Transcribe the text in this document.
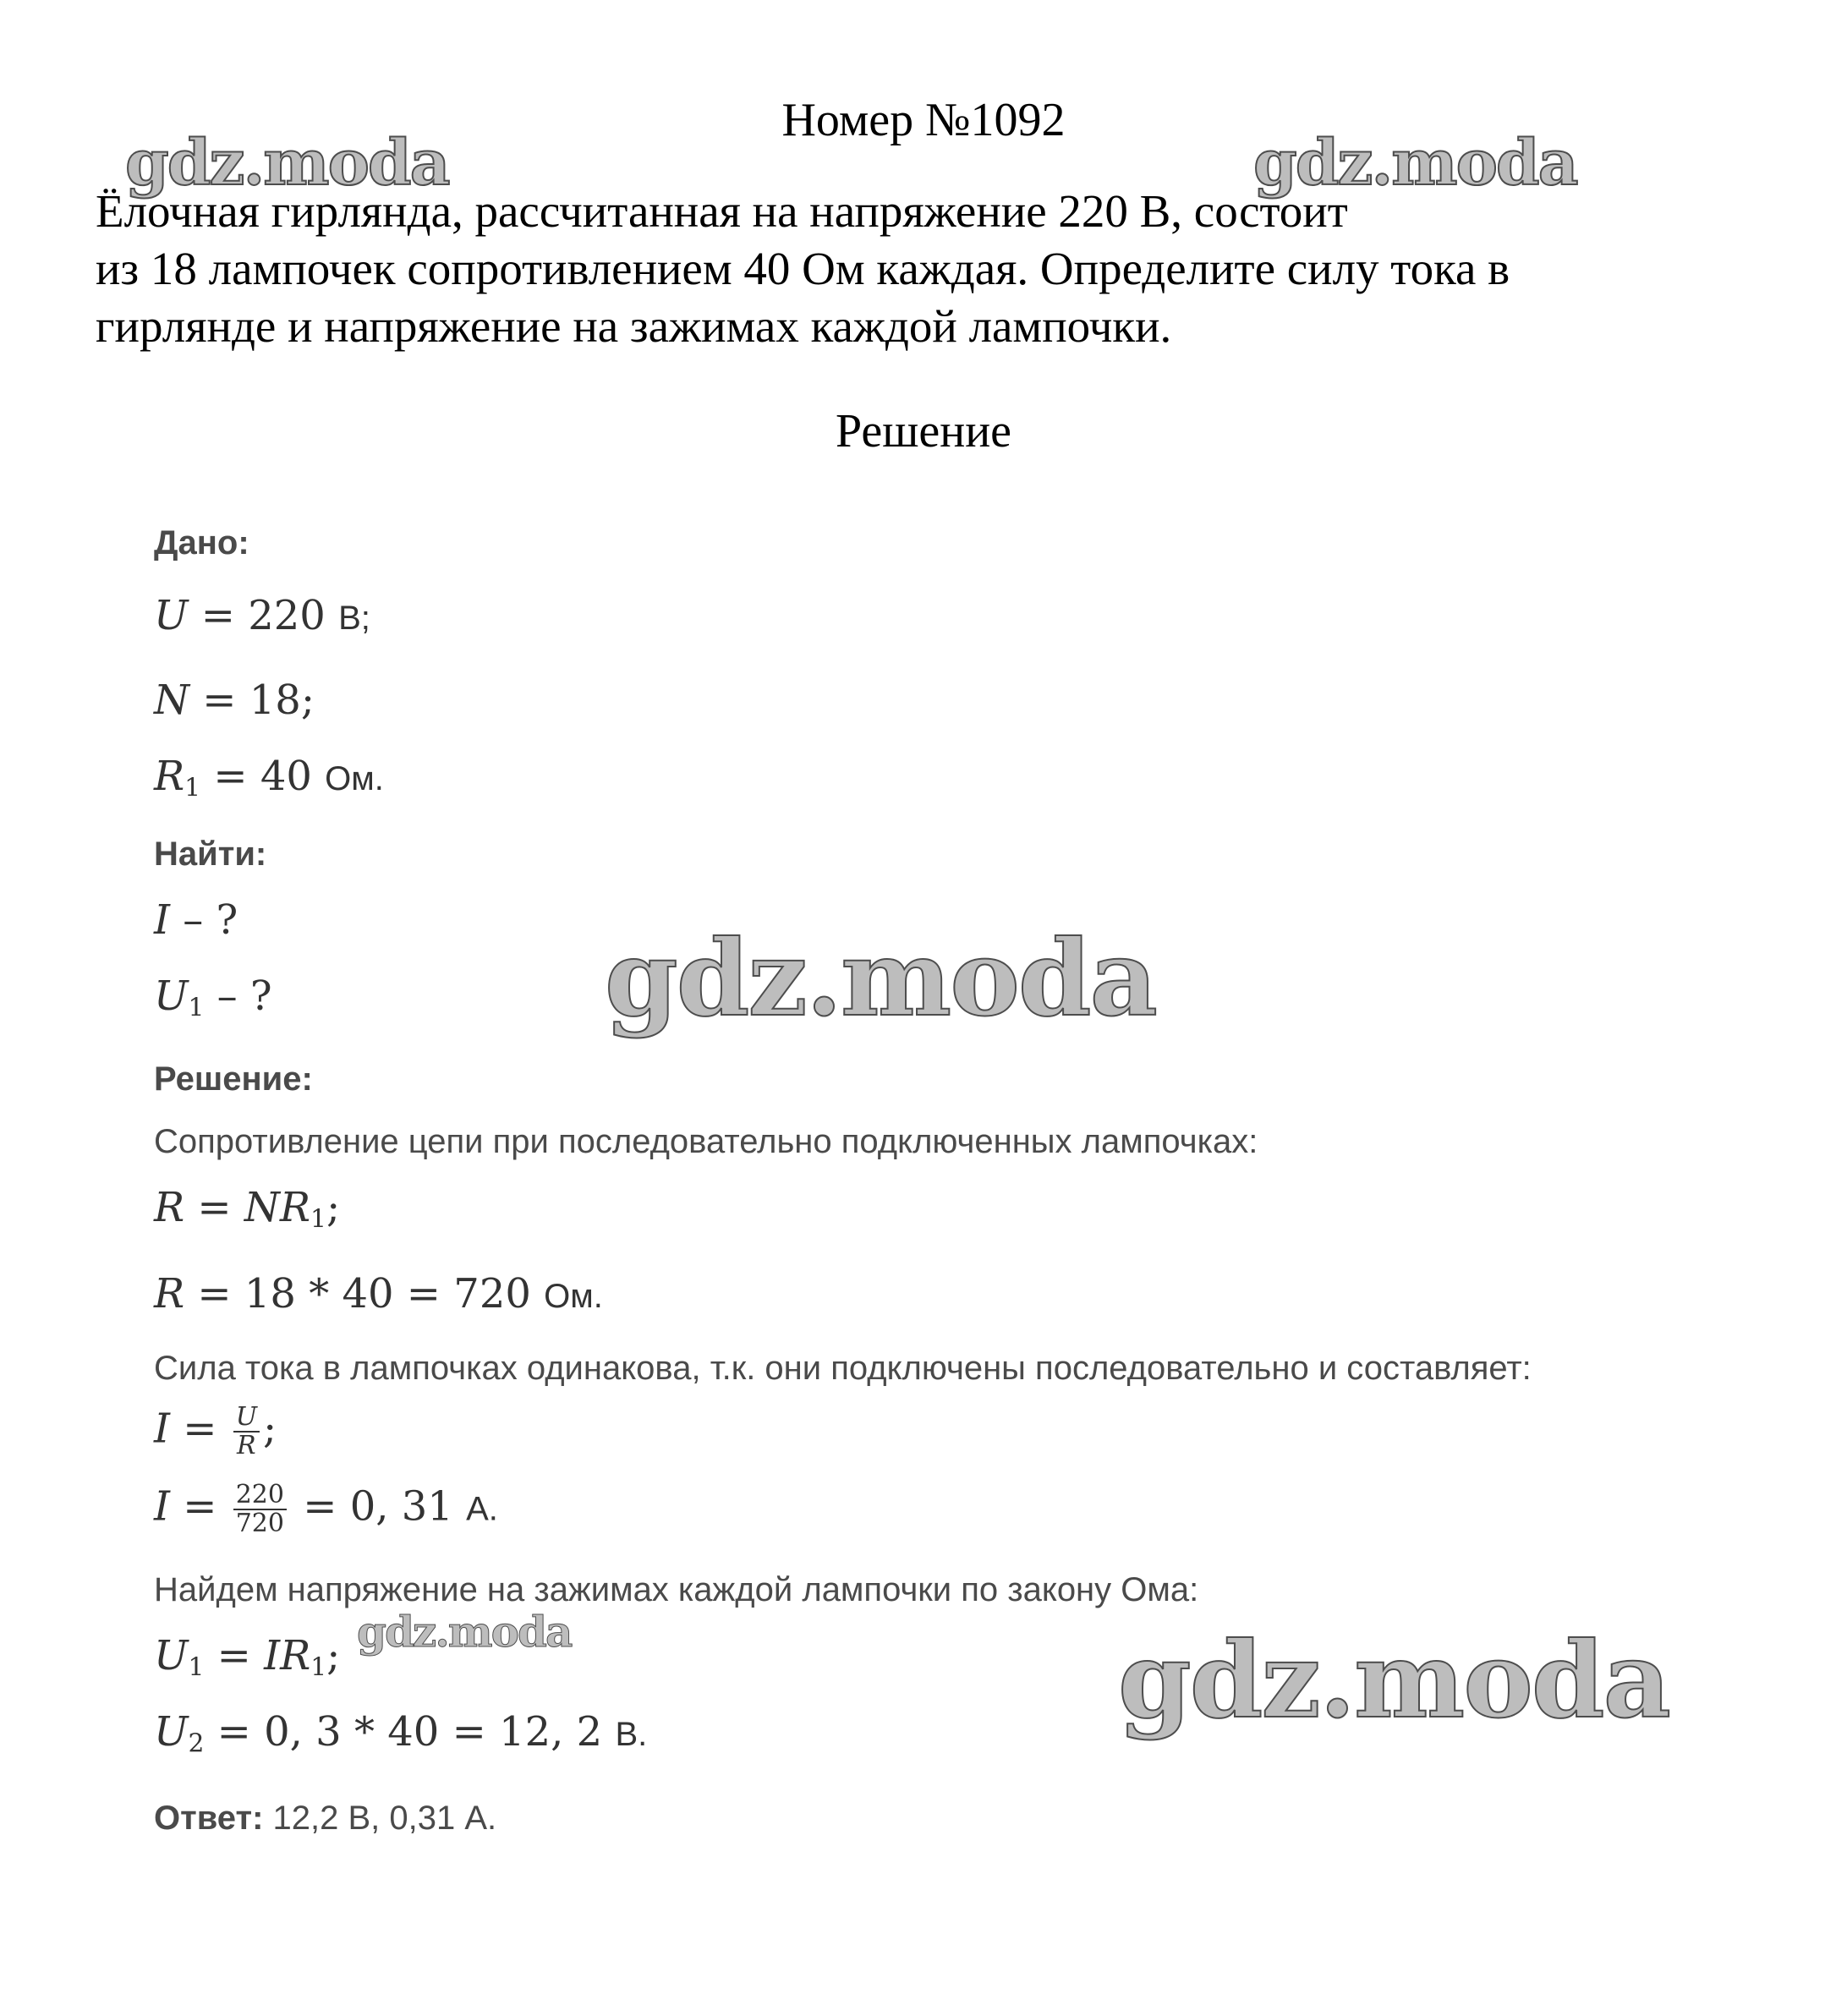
Номер №1092
Ёлочная гирлянда, рассчитанная на напряжение 220 В, состоит
из 18 лампочек сопротивлением 40 Ом каждая. Определите силу тока в
гирлянде и напряжение на зажимах каждой лампочки.
Решение
Дано:
U = 220 В;
N = 18;
$R_1 = 40$ Ом.
Найти:
I – ?
$U_1$ – ?
Решение:
Сопротивление цепи при последовательно подключенных лампочках:
$R = NR_1$;
R = 18 * 40 = 720 Ом.
Сила тока в лампочках одинакова, т.к. они подключены последовательно и составляет:
$I = \frac{U}{R}$ ;
$I = \frac{220}{720} = 0$, 31 А.
Найдем напряжение на зажимах каждой лампочки по закону Ома:
$U_1 = IR_1$;
$U_2 = 0$, 3 * 40 = 12, 2 В.
Ответ: 12,2 В, 0,31 А.
gdz.moda	gdz.moda
gdz.moda
gdz.moda	gdz.moda
